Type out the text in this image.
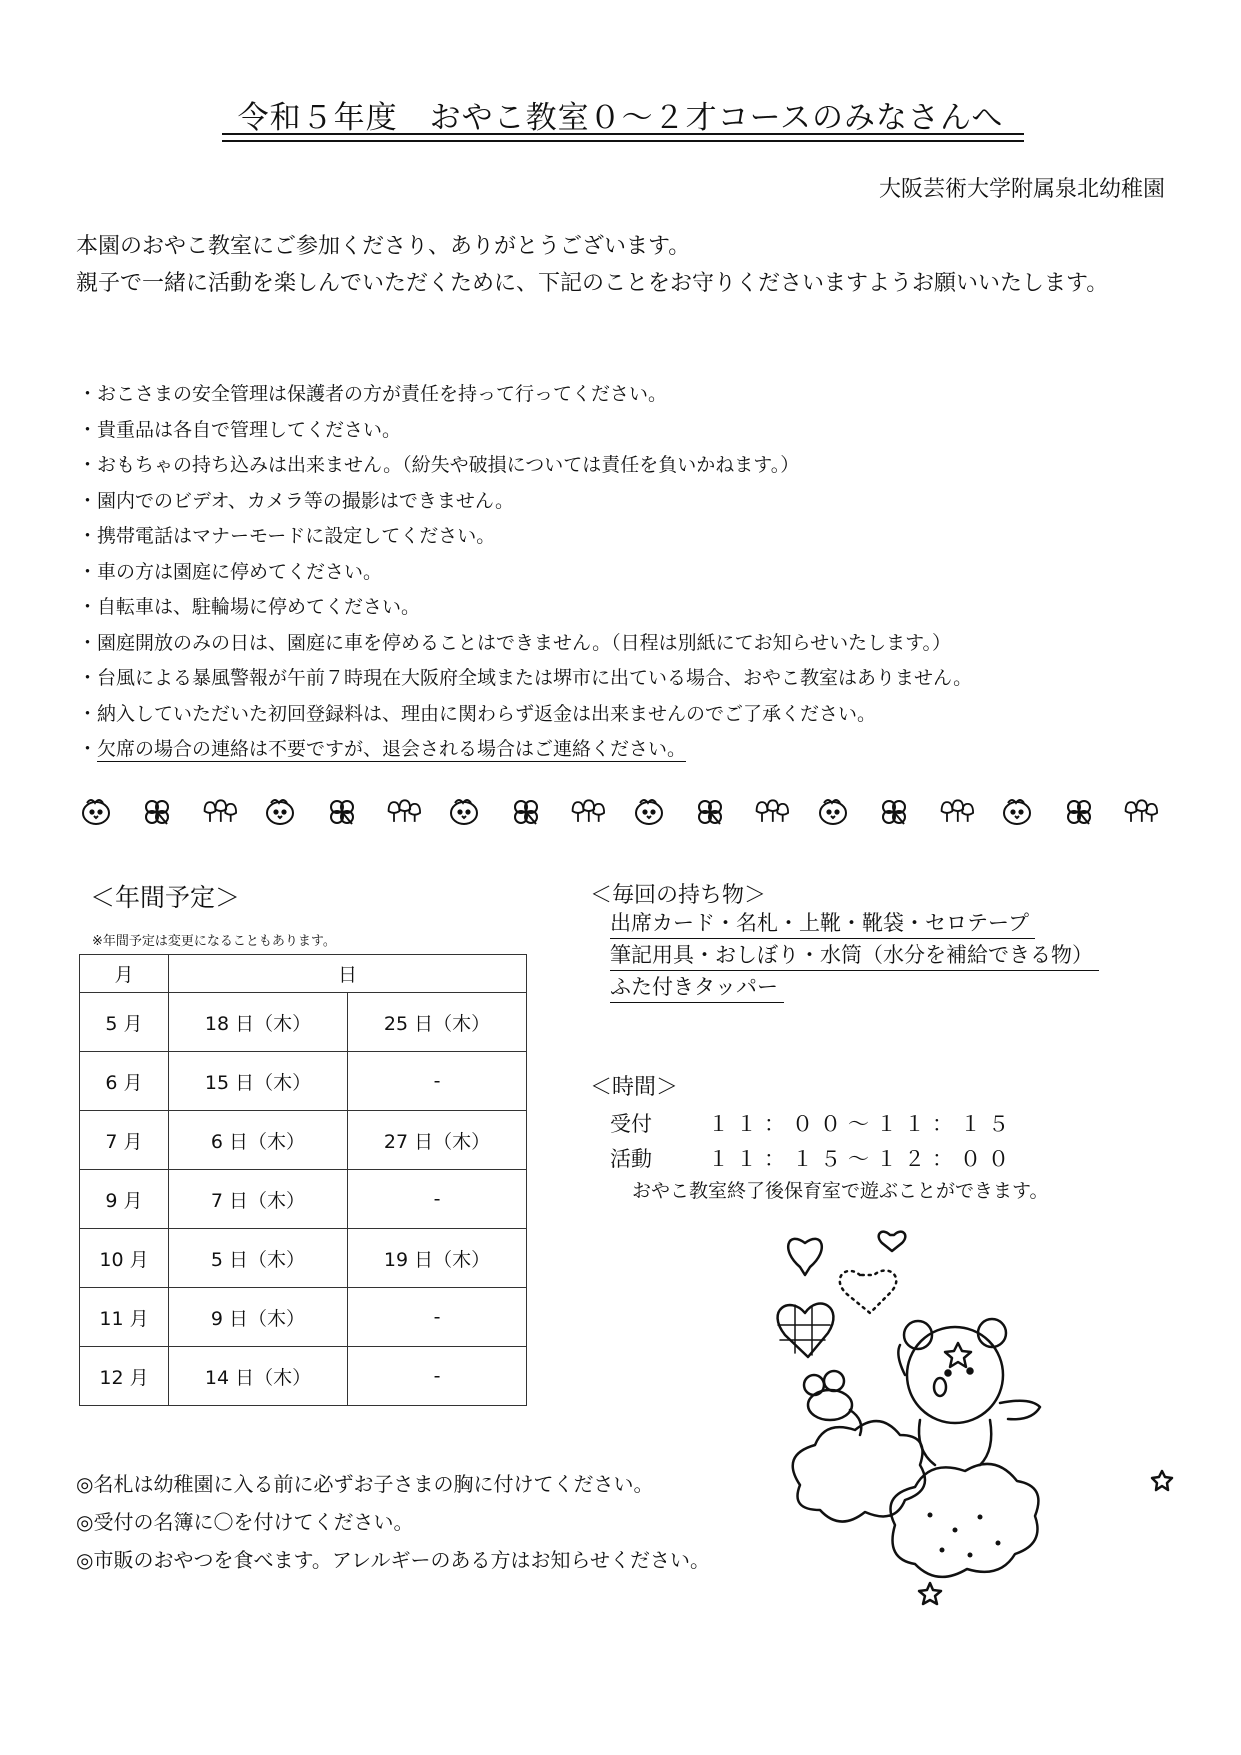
令和５年度　おやこ教室０～２才コースのみなさんへ
大阪芸術大学附属泉北幼稚園
本園のおやこ教室にご参加くださり、ありがとうございます。
親子で一緒に活動を楽しんでいただくために、下記のことをお守りくださいますようお願いいたします。
・おこさまの安全管理は保護者の方が責任を持って行ってください。
・貴重品は各自で管理してください。
・おもちゃの持ち込みは出来ません。（紛失や破損については責任を負いかねます。）
・園内でのビデオ、カメラ等の撮影はできません。
・携帯電話はマナーモードに設定してください。
・車の方は園庭に停めてください。
・自転車は、駐輪場に停めてください。
・園庭開放のみの日は、園庭に車を停めることはできません。（日程は別紙にてお知らせいたします。）
・台風による暴風警報が午前７時現在大阪府全域または堺市に出ている場合、おやこ教室はありません。
・納入していただいた初回登録料は、理由に関わらず返金は出来ませんのでご了承ください。
・欠席の場合の連絡は不要ですが、退会される場合はご連絡ください。
＜年間予定＞
※年間予定は変更になることもあります。
月	日	
5 月	18 日（木）	25 日（木）
6 月	15 日（木）	-
7 月	6 日（木）	27 日（木）
9 月	7 日（木）	-
10 月	5 日（木）	19 日（木）
11 月	9 日（木）	-
12 月	14 日（木）	-
＜毎回の持ち物＞
出席カード・名札・上靴・靴袋・セロテープ
筆記用具・おしぼり・水筒（水分を補給できる物）
ふた付きタッパー
＜時間＞
受付	１１：００～１１：１５
活動	１１：１５～１２：００
おやこ教室終了後保育室で遊ぶことができます。
◎名札は幼稚園に入る前に必ずお子さまの胸に付けてください。
◎受付の名簿に〇を付けてください。
◎市販のおやつを食べます。アレルギーのある方はお知らせください。
